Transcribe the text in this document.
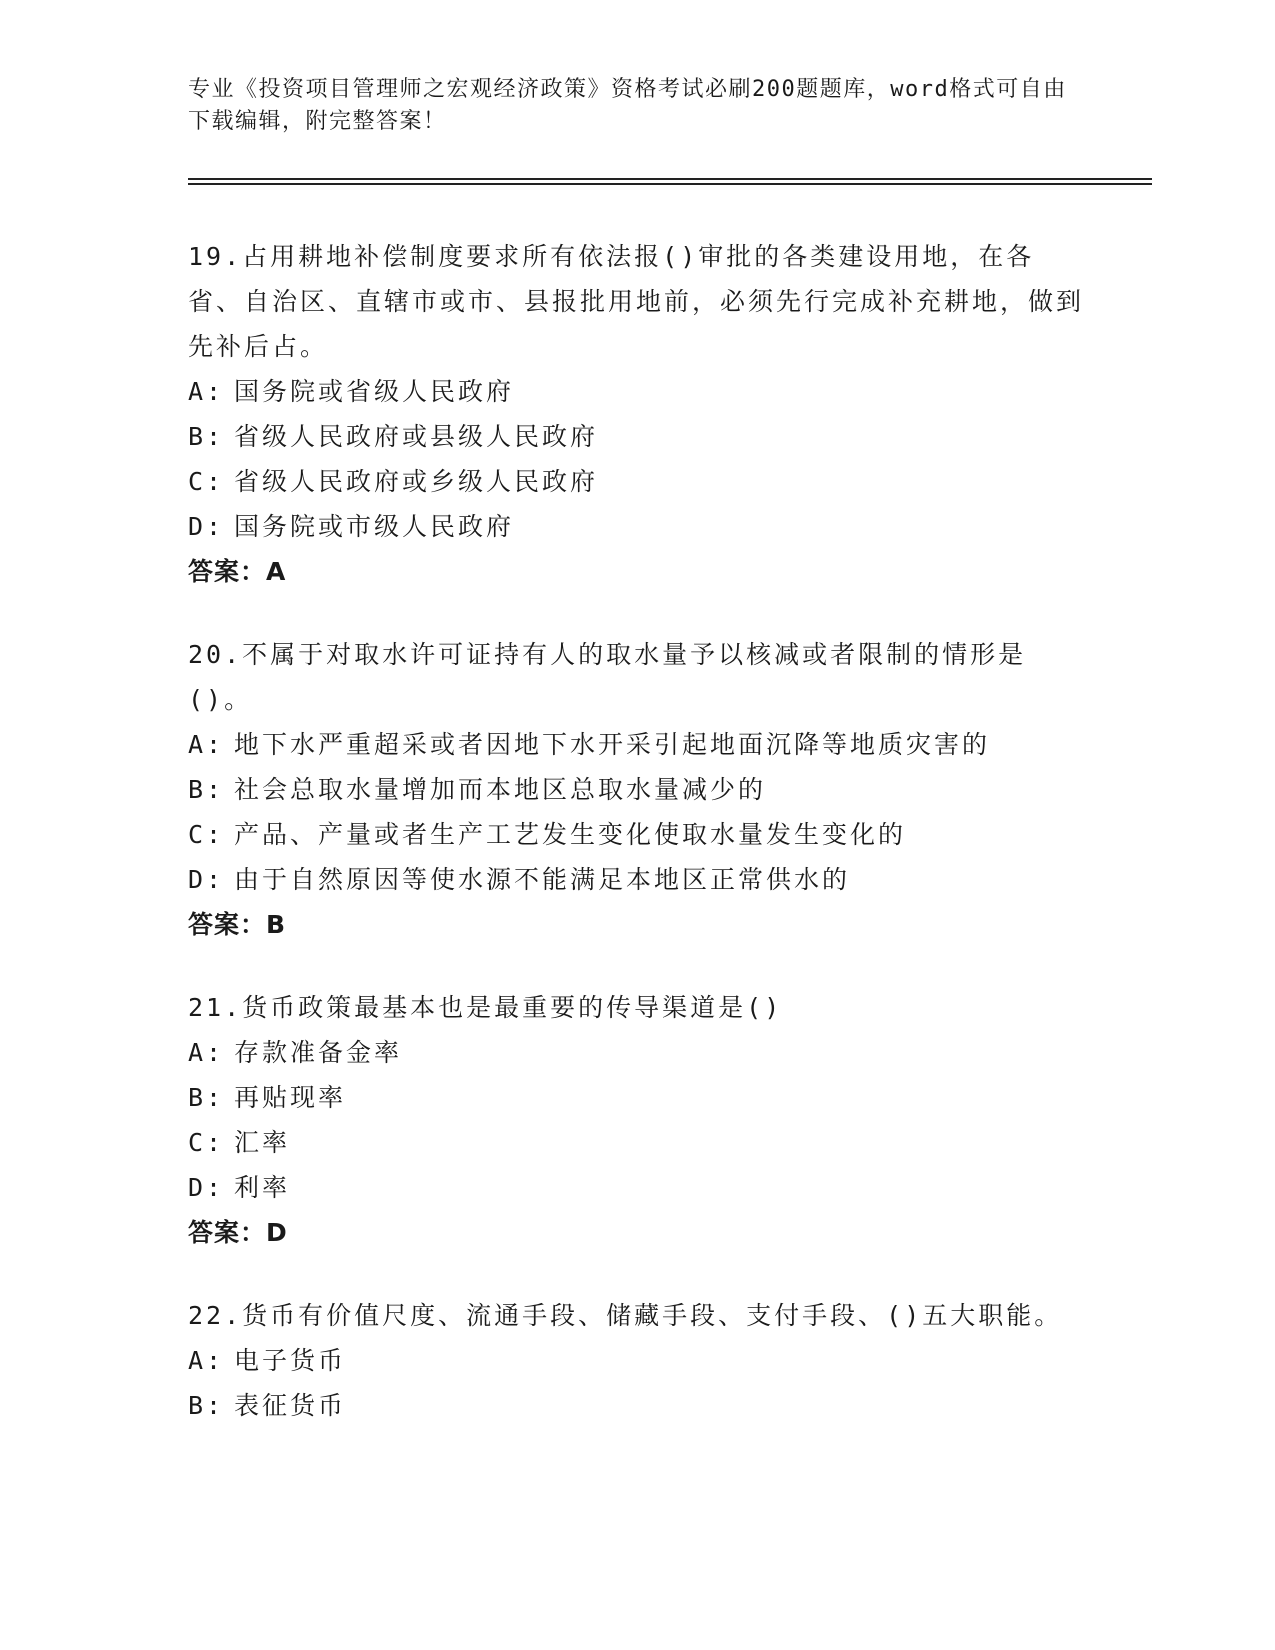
专业《投资项目管理师之宏观经济政策》资格考试必刷200题题库，word格式可自由下载编辑，附完整答案！

19.占用耕地补偿制度要求所有依法报()审批的各类建设用地，在各省、自治区、直辖市或市、县报批用地前，必须先行完成补充耕地，做到先补后占。

A: 国务院或省级人民政府

B: 省级人民政府或县级人民政府

C: 省级人民政府或乡级人民政府

D: 国务院或市级人民政府

答案：A

20.不属于对取水许可证持有人的取水量予以核减或者限制的情形是()。

A: 地下水严重超采或者因地下水开采引起地面沉降等地质灾害的

B: 社会总取水量增加而本地区总取水量减少的

C: 产品、产量或者生产工艺发生变化使取水量发生变化的

D: 由于自然原因等使水源不能满足本地区正常供水的

答案：B

21.货币政策最基本也是最重要的传导渠道是()

A: 存款准备金率

B: 再贴现率

C: 汇率

D: 利率

答案：D

22.货币有价值尺度、流通手段、储藏手段、支付手段、()五大职能。

A: 电子货币

B: 表征货币
